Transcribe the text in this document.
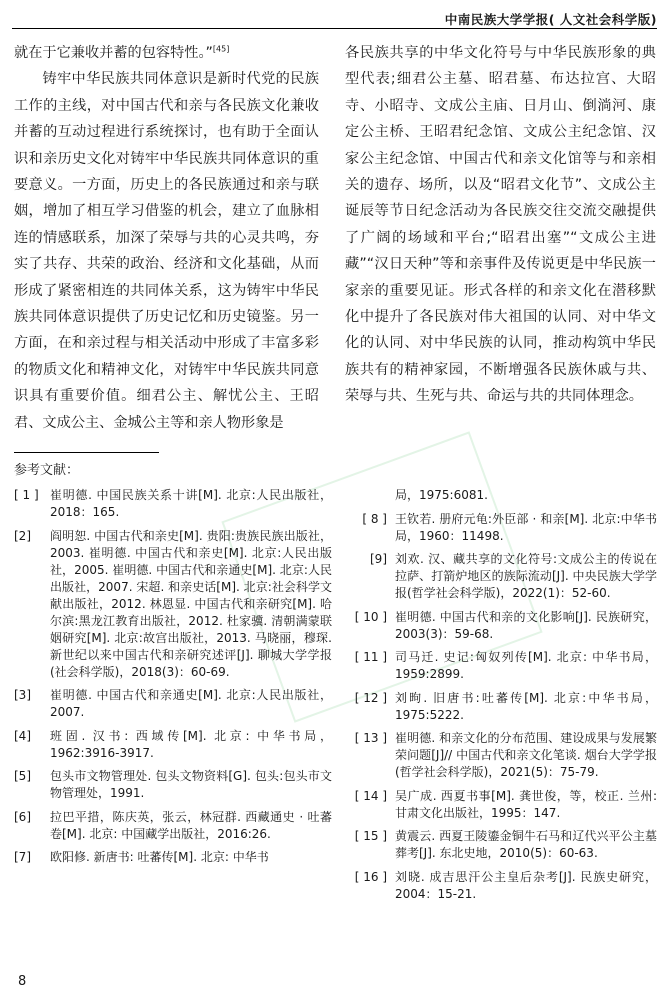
中南民族大学学报( 人文社会科学版)

就在于它兼收并蓄的包容特性。”[45]

铸牢中华民族共同体意识是新时代党的民族工作的主线，对中国古代和亲与各民族文化兼收并蓄的互动过程进行系统探讨，也有助于全面认识和亲历史文化对铸牢中华民族共同体意识的重要意义。一方面，历史上的各民族通过和亲与联姻，增加了相互学习借鉴的机会，建立了血脉相连的情感联系，加深了荣辱与共的心灵共鸣，夯实了共存、共荣的政治、经济和文化基础，从而形成了紧密相连的共同体关系，这为铸牢中华民族共同体意识提供了历史记忆和历史镜鉴。另一方面，在和亲过程与相关活动中形成了丰富多彩的物质文化和精神文化，对铸牢中华民族共同意识具有重要价值。细君公主、解忧公主、王昭君、文成公主、金城公主等和亲人物形象是

各民族共享的中华文化符号与中华民族形象的典型代表;细君公主墓、昭君墓、布达拉宫、大昭寺、小昭寺、文成公主庙、日月山、倒淌河、康定公主桥、王昭君纪念馆、文成公主纪念馆、汉家公主纪念馆、中国古代和亲文化馆等与和亲相关的遗存、场所，以及“昭君文化节”、文成公主诞辰等节日纪念活动为各民族交往交流交融提供了广阔的场域和平台;“昭君出塞”“文成公主进藏”“汉日天种”等和亲事件及传说更是中华民族一家亲的重要见证。形式各样的和亲文化在潜移默化中提升了各民族对伟大祖国的认同、对中华文化的认同、对中华民族的认同，推动构筑中华民族共有的精神家园，不断增强各民族休戚与共、荣辱与共、生死与共、命运与共的共同体理念。

参考文献：
[ 1 ] 崔明德. 中国民族关系十讲[M]. 北京:人民出版社，2018：165.
[2]	阎明恕. 中国古代和亲史[M]. 贵阳:贵族民族出版社，2003. 崔明德. 中国古代和亲史[M]. 北京:人民出版社，2005. 崔明德. 中国古代和亲通史[M]. 北京:人民出版社，2007. 宋超. 和亲史话[M]. 北京:社会科学文献出版社，2012. 林恩显. 中国古代和亲研究[M]. 哈尔滨:黑龙江教育出版社，2012. 杜家骥. 清朝满蒙联姻研究[M]. 北京:故宫出版社，2013. 马晓丽，穆琛. 新世纪以来中国古代和亲研究述评[J]. 聊城大学学报(社会科学版)，2018(3)：60-69.
[3]	崔明德. 中国古代和亲通史[M]. 北京:人民出版社，2007.
[4]	班固. 汉书: 西域传[M]. 北京: 中华书局，1962:3916-3917.
[5]	包头市文物管理处. 包头文物资料[G]. 包头:包头市文物管理处，1991.
[6]	拉巴平措，陈庆英，张云，林冠群. 西藏通史 · 吐蕃卷[M]. 北京: 中国藏学出版社，2016:26.
[7]	欧阳修. 新唐书: 吐蕃传[M]. 北京: 中华书
局，1975:6081.
[ 8 ] 王钦若. 册府元龟:外臣部 · 和亲[M]. 北京:中华书局，1960：11498.
[9] 刘欢. 汉、藏共享的文化符号:文成公主的传说在拉萨、打箭炉地区的族际流动[J]. 中央民族大学学报(哲学社会科学版)，2022(1)：52-60.
[ 10 ] 崔明德. 中国古代和亲的文化影响[J]. 民族研究，2003(3)：59-68.
[ 11 ] 司马迁. 史记:匈奴列传[M]. 北京: 中华书局，1959:2899.
[ 12 ] 刘昫. 旧唐书:吐蕃传[M]. 北京:中华书局，1975:5222.
[ 13 ] 崔明德. 和亲文化的分布范围、建设成果与发展繁荣问题[J]// 中国古代和亲文化笔谈. 烟台大学学报(哲学社会科学版)，2021(5)：75-79.
[ 14 ] 吴广成. 西夏书事[M]. 龚世俊，等，校正. 兰州:甘肃文化出版社，1995：147.
[ 15 ] 黄震云. 西夏王陵鎏金铜牛石马和辽代兴平公主墓葬考[J]. 东北史地，2010(5)：60-63.
[ 16 ] 刘晓. 成吉思汗公主皇后杂考[J]. 民族史研究，2004：15-21.
8
